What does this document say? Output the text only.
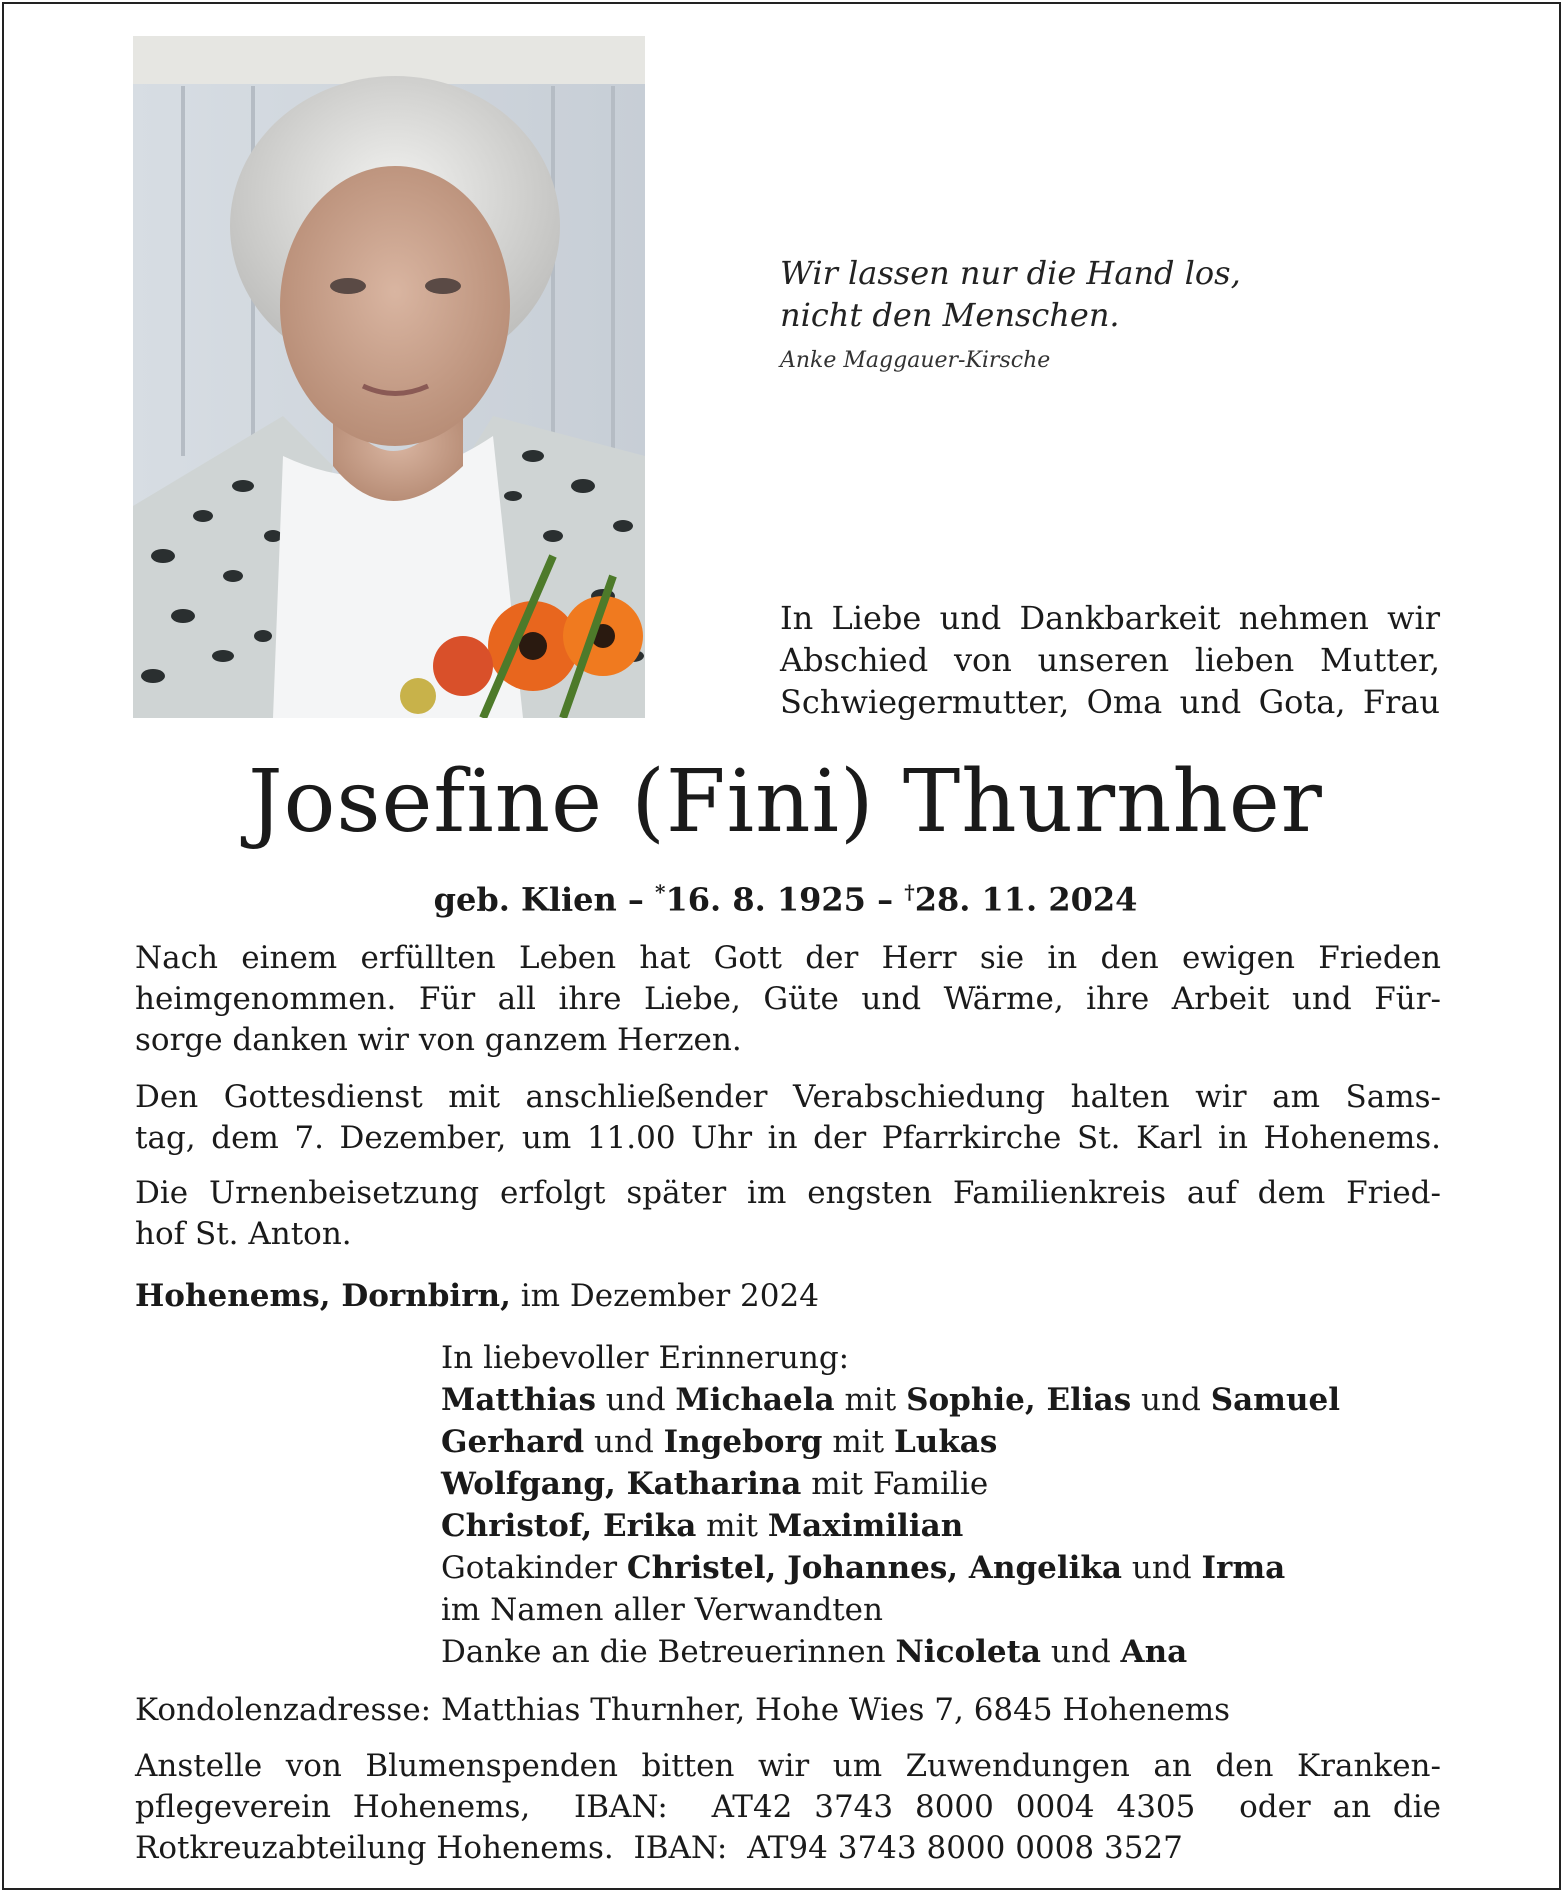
Wir lassen nur die Hand los,
nicht den Menschen.
Anke Maggauer-Kirsche
In Liebe und Dankbarkeit nehmen wir
Abschied von unseren lieben Mutter,
Schwiegermutter, Oma und Gota, Frau
Josefine (Fini) Thurnher
geb. Klien – *16. 8. 1925 – †28. 11. 2024
Nach einem erfüllten Leben hat Gott der Herr sie in den ewigen Frieden
heimgenommen. Für all ihre Liebe, Güte und Wärme, ihre Arbeit und Für-
sorge danken wir von ganzem Herzen.
Den Gottesdienst mit anschließender Verabschiedung halten wir am Sams-
tag, dem 7. Dezember, um 11.00 Uhr in der Pfarrkirche St. Karl in Hohenems.
Die Urnenbeisetzung erfolgt später im engsten Familienkreis auf dem Fried-
hof St. Anton.
Hohenems, Dornbirn, im Dezember 2024
In liebevoller Erinnerung:
Matthias und Michaela mit Sophie, Elias und Samuel
Gerhard und Ingeborg mit Lukas
Wolfgang, Katharina mit Familie
Christof, Erika mit Maximilian
Gotakinder Christel, Johannes, Angelika und Irma
im Namen aller Verwandten
Danke an die Betreuerinnen Nicoleta und Ana
Kondolenzadresse: Matthias Thurnher, Hohe Wies 7, 6845 Hohenems
Anstelle von Blumenspenden bitten wir um Zuwendungen an den Kranken-
pflegeverein Hohenems,  IBAN:  AT42 3743 8000 0004 4305  oder an die
Rotkreuzabteilung Hohenems.  IBAN:  AT94 3743 8000 0008 3527
